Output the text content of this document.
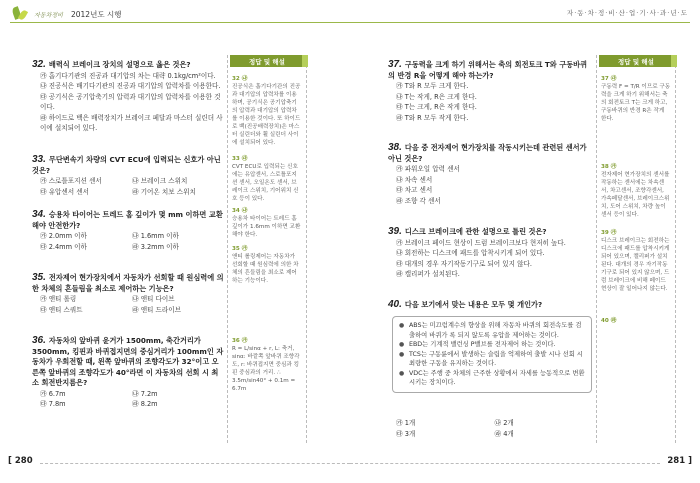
자동차정비 2012년도 시행
32. 배력식 브레이크 장치의 설명으로 옳은 것은?
㉮ 흡기다기관의 진공과 대기압의 차는 대략 0.1kg/cm²이다.
㉯ 진공식은 배기다기관의 진공과 대기압의 압력차를 이용한다.
㉰ 공기식은 공기압축기의 압력과 대기압의 압력차를 이용한 것이다.
㉱ 하이드로 백은 배력장치가 브레이크 페달과 마스터 실린더 사이에 설치되어 있다.
33. 무단변속기 차량의 CVT ECU에 입력되는 신호가 아닌 것은?
㉮ 스로틀포지션 센서	㉯ 브레이크 스위치
㉰ 유압센서 센서	㉱ 기어온 치보 스위치
34. 승용차 타이어는 트레드 홈 깊이가 몇 mm 이하면 교환해야 안전한가?
㉮ 2.0mm 이하	㉯ 1.6mm 이하
㉰ 2.4mm 이하	㉱ 3.2mm 이하
35. 전자제어 현가장치에서 자동차가 선회할 때 원심력에 의한 차체의 흔들림을 최소로 제어하는 기능은?
㉮ 앤티 롤링	㉯ 앤티 다이브
㉰ 앤티 스쿼트	㉱ 앤티 드라이브
36. 자동차의 앞바퀴 윤거가 1500mm, 축간거리가 3500mm, 킹핀과 바퀴접지면의 중심거리가 100mm인 자동차가 우회전할 때, 왼쪽 앞바퀴의 조향각도가 32°이고 오른쪽 앞바퀴의 조향각도가 40°라면 이 자동차의 선회 시 최소 회전반지름은?
㉮ 6.7m	㉯ 7.2m
㉰ 7.8m	㉱ 8.2m
정답 및 해설
32 ㉯
진공식은 흡기다기관의 진공과 대기압의 압력차를 이용하며, 공기식은 공기압축기의 압력과 대기압의 압력차를 이용한 것이다. 또 하이드로 백(진공배력장치)은 마스터 실린더와 휠 실린더 사이에 설치되어 있다.
33 ㉰
CVT ECU로 입력되는 신호에는 유압센서, 스로틀포지션 센서, 오일온도 센서, 브레이크 스위치, 기어위치 신호 등이 있다.
34 ㉯
승용차 타이어는 트레드 홈 깊이가 1.6mm 이하면 교환해야 한다.
35 ㉮
앤티 롤링제어는 자동차가 선회할 때 원심력에 의한 차체의 흔들림을 최소로 제어하는 기능이다.
36 ㉮
R = L/sinα + r, L: 축거, sinα: 바깥쪽 앞바퀴 조향각도, r: 바퀴접지면 중심과 킹핀 중심과의 거리. ∴ 3.5m/sin40° + 0.1m = 6.7m
[ 280
자·동·차·정·비·산·업·기·사·과·년·도
37. 구동력을 크게 하기 위해서는 축의 회전토크 T와 구동바퀴의 반경 R을 어떻게 해야 하는가?
㉮ T와 R 모두 크게 한다.
㉯ T는 작게, R은 크게 한다.
㉰ T는 크게, R은 작게 한다.
㉱ T와 R 모두 작게 한다.
38. 다음 중 전자제어 현가장치를 작동시키는데 관련된 센서가 아닌 것은?
㉮ 파워오일 압력 센서
㉯ 차속 센서
㉰ 차고 센서
㉱ 조향 각 센서
39. 디스크 브레이크에 관한 설명으로 틀린 것은?
㉮ 브레이크 페이드 현상이 드럼 브레이크보다 현저히 높다.
㉯ 회전하는 디스크에 패드를 압착시키게 되어 있다.
㉰ 대개의 경우 자기작동기구로 되어 있지 않다.
㉱ 캘리퍼가 설치된다.
40. 다음 보기에서 맞는 내용은 모두 몇 개인가?
● ABS는 미끄럼계수의 향상을 위해 자동차 바퀴의 회전속도를 검출하여 바퀴가 록 되지 않도록 유압을 제어하는 것이다.
● EBD는 기계적 밸런싱 P밸브를 전자제어 하는 것이다.
● TCS는 구동륜에서 발생하는 슬립을 억제하여 출발 시나 선회 시 최량한 구동을 유지하는 것이다.
● VDC는 주행 중 차체의 근주한 상황에서 자세를 능동적으로 변환시키는 장치이다.
㉮ 1개	㉯ 2개
㉰ 3개	㉱ 4개
정답 및 해설
37 ㉰
구동력 F = T/R 이므로 구동력을 크게 하기 위해서는 축의 회전토크 T는 크게 하고, 구동바퀴의 반경 R은 작게 한다.
38 ㉮
전자제어 현가장치의 센서를 작동하는 센서에는 차속센서, 차고센서, 조향각센서, 가속페달센서, 브레이크스위치, 도어 스위치, 차량 높이 센서 등이 있다.
39 ㉮
디스크 브레이크는 회전하는 디스크에 패드를 압착시키게 되어 있으며, 캘리퍼가 설치된다. 대개의 경우 자기작동기구로 되어 있지 않으며, 드럼 브레이크에 비해 페이드 현상이 잘 일어나지 않는다.
40 ㉱
281 ]
